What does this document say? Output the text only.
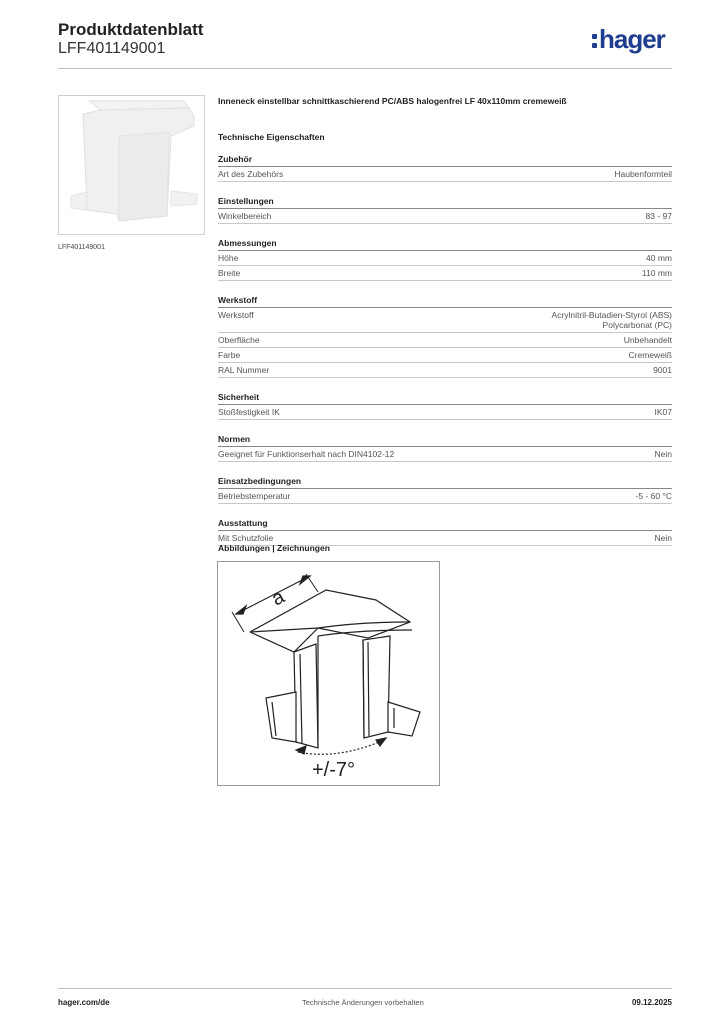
Produktdatenblatt
LFF401149001	hager
LFF401149001
Inneneck einstellbar schnittkaschierend PC/ABS halogenfrei LF 40x110mm cremeweiß
Technische Eigenschaften
Zubehör
Art des Zubehörs	Haubenformteil
Einstellungen
Winkelbereich	83 - 97
Abmessungen
Höhe	40 mm
Breite	110 mm
Werkstoff
Werkstoff	Acrylnitril-Butadien-Styrol (ABS)
Polycarbonat (PC)
Oberfläche	Unbehandelt
Farbe	Cremeweiß
RAL Nummer	9001
Sicherheit
Stoßfestigkeit IK	IK07
Normen
Geeignet für Funktionserhalt nach DIN4102-12	Nein
Einsatzbedingungen
Betriebstemperatur	-5 - 60 °C
Ausstattung
Mit Schutzfolie	Nein
Abbildungen | Zeichnungen
a
+/-7°
hager.com/de	Technische Änderungen vorbehalten	09.12.2025
